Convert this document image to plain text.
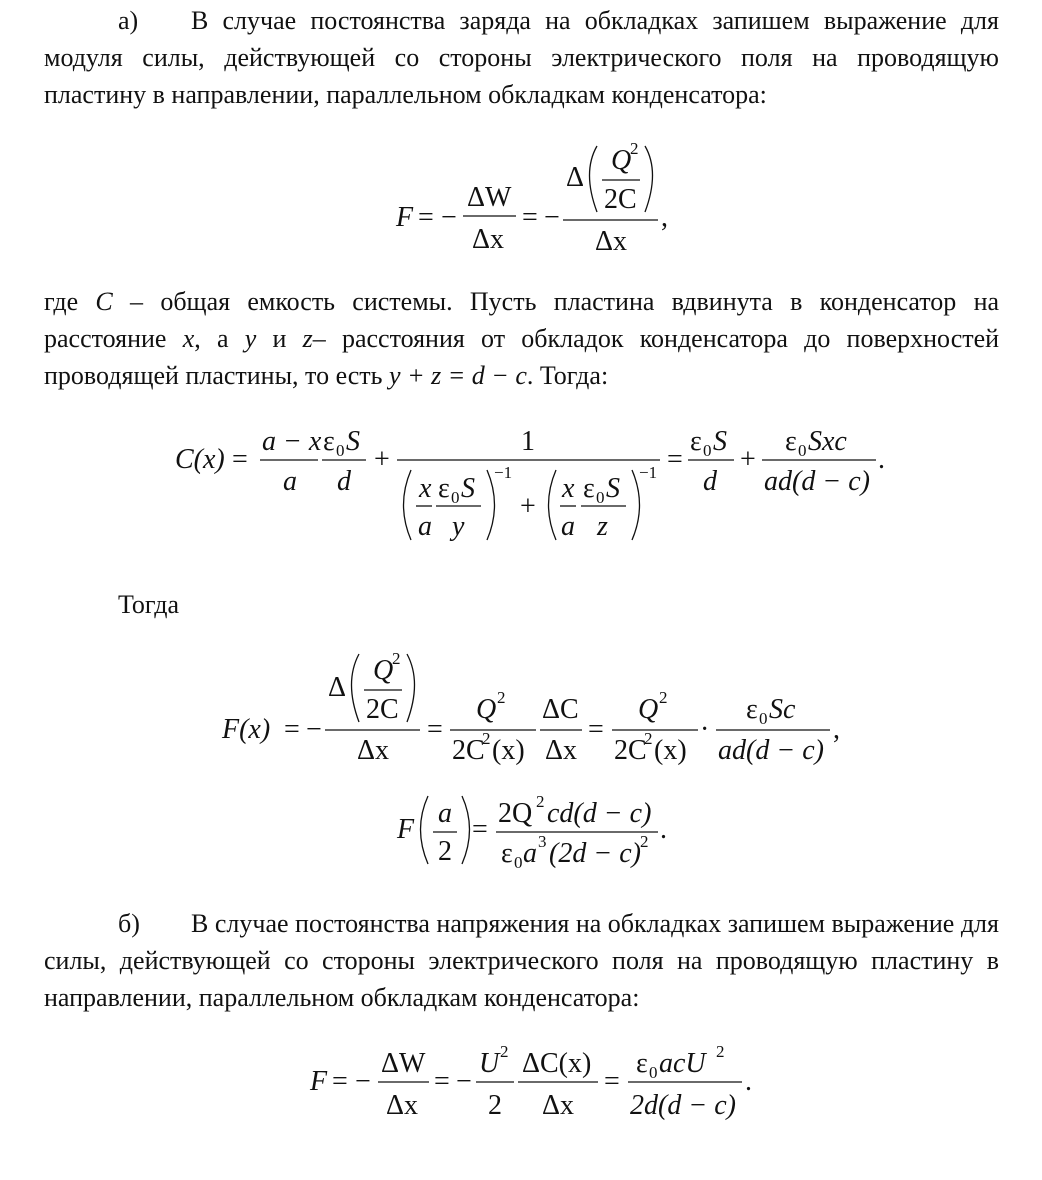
а) В случае постоянства заряда на обкладках запишем выражение для модуля силы, действующей со стороны электрического поля на проводящую пластину в направлении, параллельном обкладкам конденсатора:

F = −
ΔW
Δx
= −
Δ
Q
2
2C
Δx
,

где C – общая емкость системы. Пусть пластина вдвинута в конденсатор на расстояние x, а y и z– расстояния от обкладок конденсатора до поверхностей проводящей пластины, то есть y + z = d − c. Тогда:

C(x) =
a − x
a
ε 0 S
d
+
1
x
a
ε 0 S
y
−1
+
x
a
ε 0 S
z
−1 =
ε 0 S
d
+
ε 0 Sxc
ad(d − c)
.
Тогда
F(x) = −
Δ
Q
2
2C
Δx
=
Q 2
2C
2 (x)
ΔC
Δx
=
Q 2
2C
2 (x)
·
ε 0 Sc
ad(d − c)
,
F
a
2
=
2Q 2 cd(d − c)
ε 0 a 3 (2d − c) 2 .

б) В случае постоянства напряжения на обкладках запишем выражение для силы, действующей со стороны электрического поля на проводящую пластину в направлении, параллельном обкладкам конденсатора:

F = −
ΔW
Δx
= −
U 2
2
ΔC(x)
Δx
=
ε 0 acU 2
2d(d − c)
.
